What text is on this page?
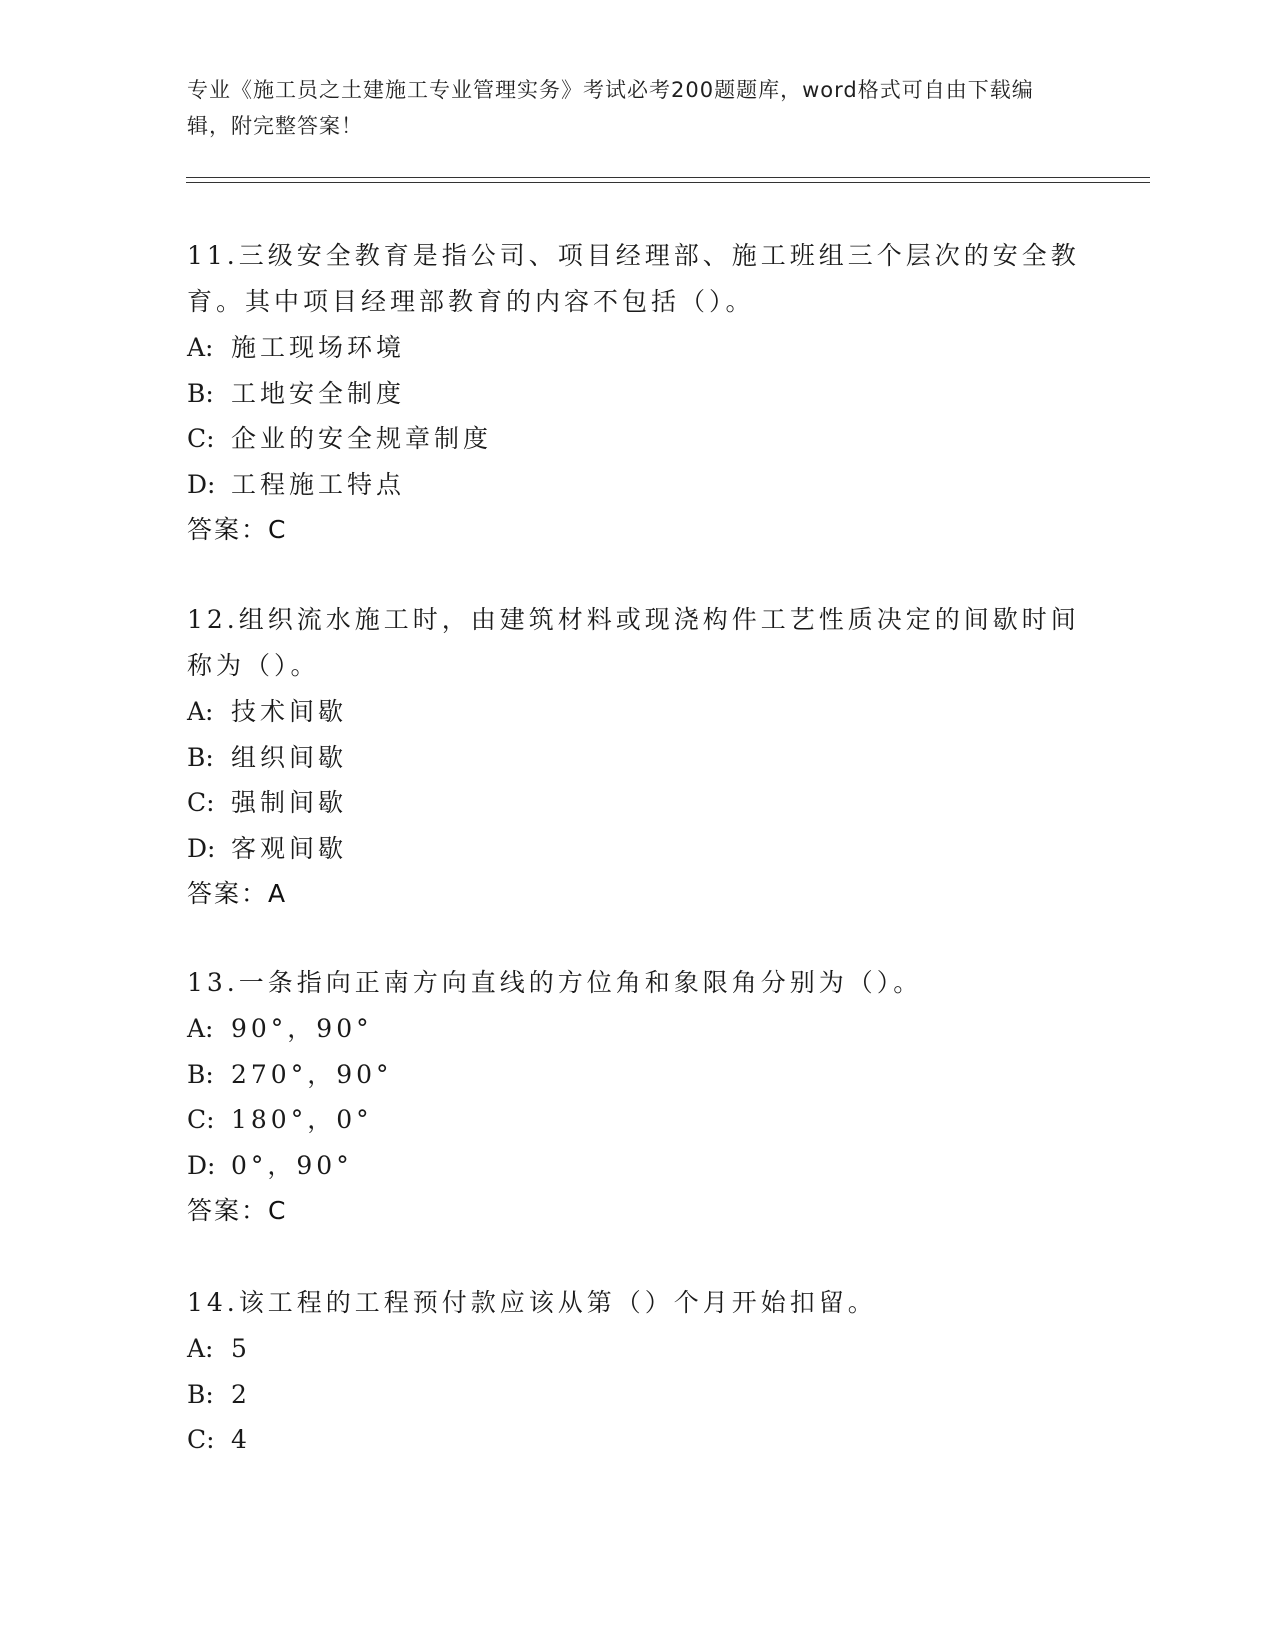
专业《施工员之土建施工专业管理实务》考试必考200题题库，word格式可自由下载编辑，附完整答案！

11.三级安全教育是指公司、项目经理部、施工班组三个层次的安全教育。其中项目经理部教育的内容不包括（）。

A: 施工现场环境

B: 工地安全制度

C: 企业的安全规章制度

D: 工程施工特点

答案：C

12.组织流水施工时，由建筑材料或现浇构件工艺性质决定的间歇时间称为（）。

A: 技术间歇

B: 组织间歇

C: 强制间歇

D: 客观间歇

答案：A

13.一条指向正南方向直线的方位角和象限角分别为（）。

A: 90°，90°

B: 270°，90°

C: 180°，0°

D: 0°，90°

答案：C

14.该工程的工程预付款应该从第（）个月开始扣留。

A: 5

B: 2

C: 4
